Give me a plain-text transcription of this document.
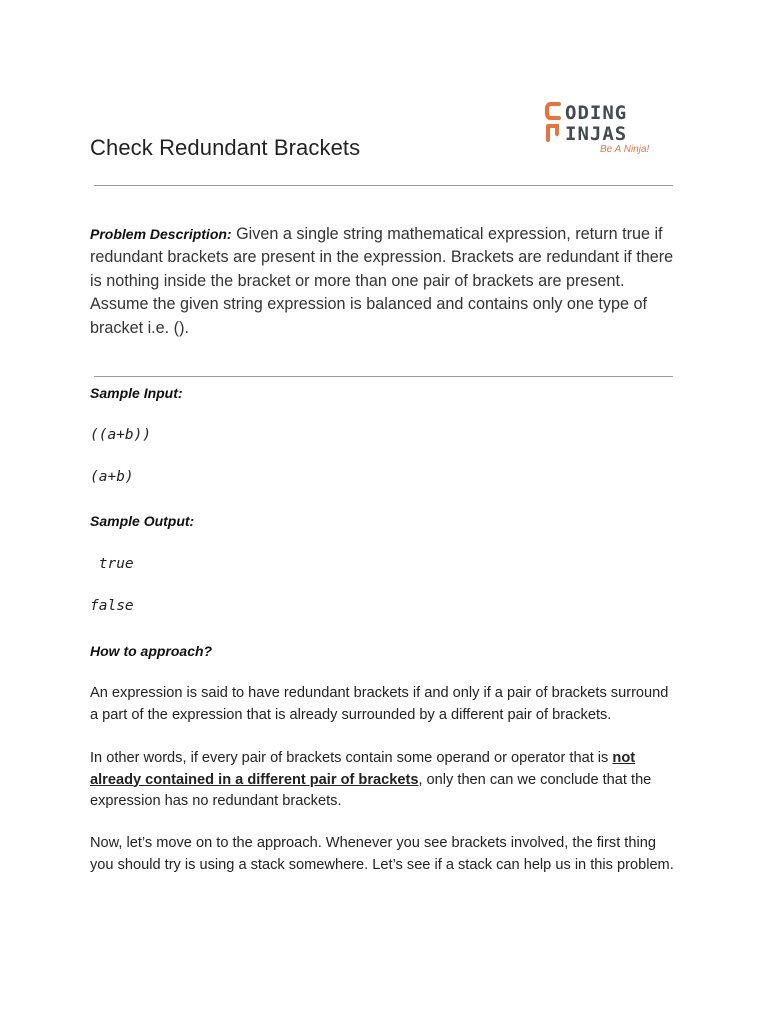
Check Redundant Brackets
ODING
INJAS
Be A Ninja!

Problem Description: Given a single string mathematical expression, return true if redundant brackets are present in the expression. Brackets are redundant if there is nothing inside the bracket or more than one pair of brackets are present. Assume the given string expression is balanced and contains only one type of bracket i.e. ().

Sample Input:

((a+b))

(a+b)

Sample Output:

true

false

How to approach?

An expression is said to have redundant brackets if and only if a pair of brackets surround a part of the expression that is already surrounded by a different pair of brackets.

In other words, if every pair of brackets contain some operand or operator that is not already contained in a different pair of brackets, only then can we conclude that the expression has no redundant brackets.

Now, let’s move on to the approach. Whenever you see brackets involved, the first thing you should try is using a stack somewhere. Let’s see if a stack can help us in this problem.
